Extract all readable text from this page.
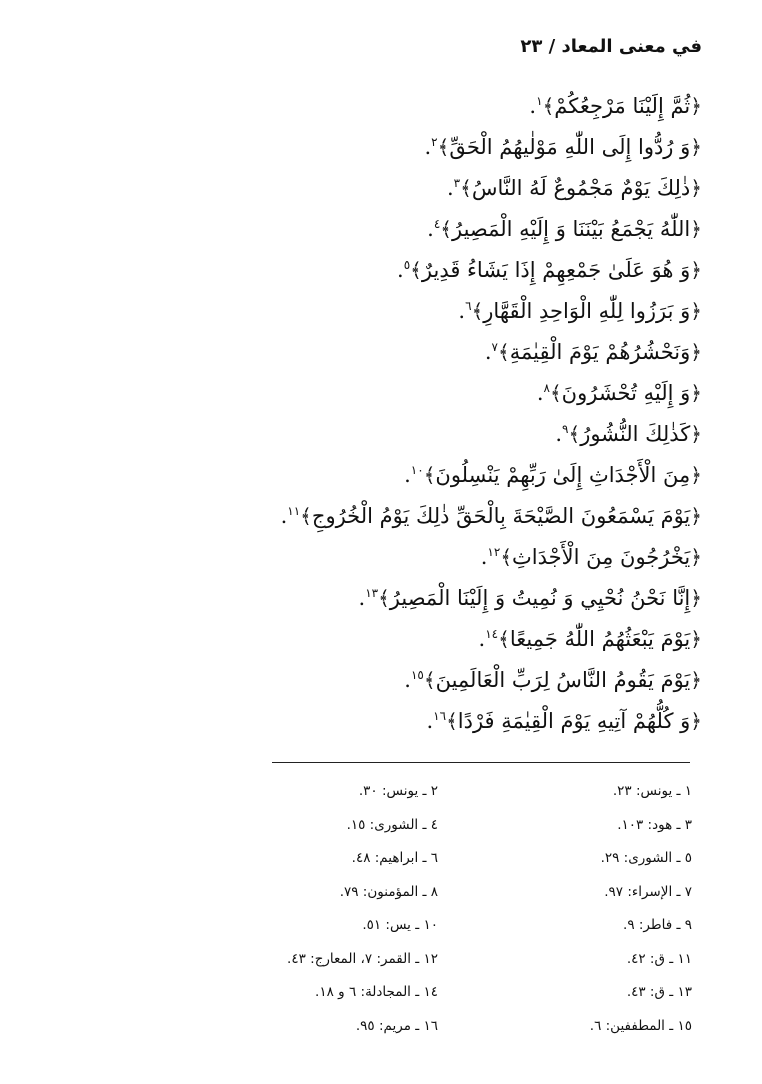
في معنى المعاد / ٢٣
﴿ثُمَّ إِلَيْنَا مَرْجِعُكُمْ﴾$^١$.
﴿وَ رُدُّوا إِلَى اللّٰهِ مَوْلٰيهُمُ الْحَقِّ﴾$^٢$.
﴿ذٰلِكَ يَوْمٌ مَجْمُوعٌ لَهُ النَّاسُ﴾$^٣$.
﴿اللّٰهُ يَجْمَعُ بَيْنَنَا وَ إِلَيْهِ الْمَصِيرُ﴾$^٤$.
﴿وَ هُوَ عَلَىٰ جَمْعِهِمْ إِذَا يَشَاءُ قَدِيرٌ﴾$^٥$.
﴿وَ بَرَزُوا لِلّٰهِ الْوَاحِدِ الْقَهَّارِ﴾$^٦$.
﴿وَنَحْشُرُهُمْ يَوْمَ الْقِيٰمَةِ﴾$^٧$.
﴿وَ إِلَيْهِ تُحْشَرُونَ﴾$^٨$.
﴿كَذٰلِكَ النُّشُورُ﴾$^٩$.
﴿مِنَ الْأَجْدَاثِ إِلَىٰ رَبِّهِمْ يَنْسِلُونَ﴾$^{١٠}$.
﴿يَوْمَ يَسْمَعُونَ الصَّيْحَةَ بِالْحَقِّ ذٰلِكَ يَوْمُ الْخُرُوجِ﴾$^{١١}$.
﴿يَخْرُجُونَ مِنَ الْأَجْدَاثِ﴾$^{١٢}$.
﴿إِنَّا نَحْنُ نُحْيِي وَ نُمِيتُ وَ إِلَيْنَا الْمَصِيرُ﴾$^{١٣}$.
﴿يَوْمَ يَبْعَثُهُمُ اللّٰهُ جَمِيعًا﴾$^{١٤}$.
﴿يَوْمَ يَقُومُ النَّاسُ لِرَبِّ الْعَالَمِينَ﴾$^{١٥}$.
﴿وَ كُلُّهُمْ آتِيهِ يَوْمَ الْقِيٰمَةِ فَرْدًا﴾$^{١٦}$.
١ ـ يونس: ٢٣.
٢ ـ يونس: ٣٠.
٣ ـ هود: ١٠٣.
٤ ـ الشورى: ١٥.
٥ ـ الشورى: ٢٩.
٦ ـ ابراهيم: ٤٨.
٧ ـ الإسراء: ٩٧.
٨ ـ المؤمنون: ٧٩.
٩ ـ فاطر: ٩.
١٠ ـ يس: ٥١.
١١ ـ ق: ٤٢.
١٢ ـ القمر: ٧، المعارج: ٤٣.
١٣ ـ ق: ٤٣.
١٤ ـ المجادلة: ٦ و ١٨.
١٥ ـ المطففين: ٦.
١٦ ـ مريم: ٩٥.
